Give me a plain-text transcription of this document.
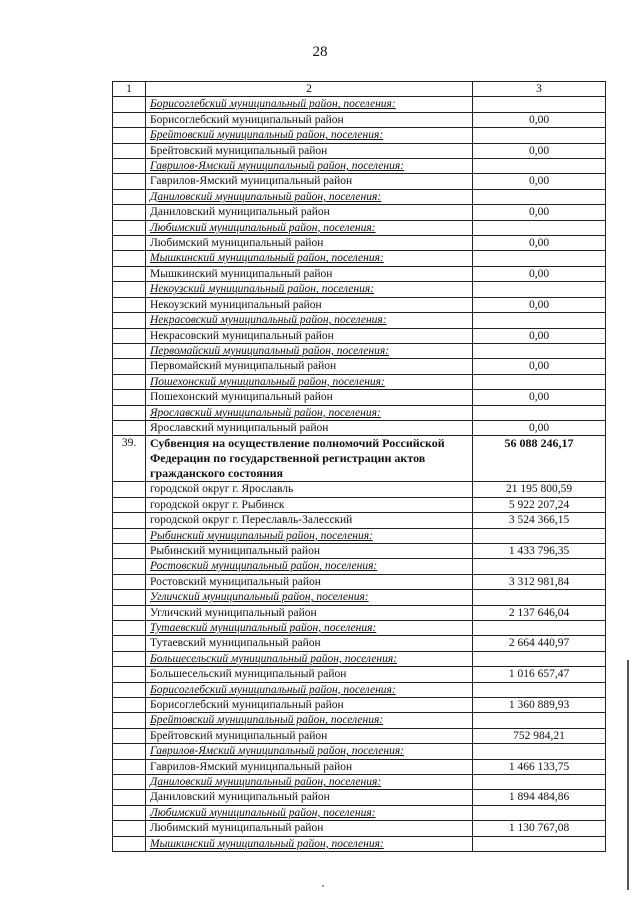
28
1	2	3
	Борисоглебский муниципальный район, поселения:	
	Борисоглебский муниципальный район	0,00
	Брейтовский муниципальный район, поселения:	
	Брейтовский муниципальный район	0,00
	Гаврилов-Ямский муниципальный район, поселения:	
	Гаврилов-Ямский муниципальный район	0,00
	Даниловский муниципальный район, поселения:	
	Даниловский муниципальный район	0,00
	Любимский муниципальный район, поселения:	
	Любимский муниципальный район	0,00
	Мышкинский муниципальный район, поселения:	
	Мышкинский муниципальный район	0,00
	Некоузский муниципальный район, поселения:	
	Некоузский муниципальный район	0,00
	Некрасовский муниципальный район, поселения:	
	Некрасовский муниципальный район	0,00
	Первомайский муниципальный район, поселения:	
	Первомайский муниципальный район	0,00
	Пошехонский муниципальный район, поселения:	
	Пошехонский муниципальный район	0,00
	Ярославский муниципальный район, поселения:	
	Ярославский муниципальный район	0,00
39.	Субвенция на осуществление полномочий Российской Федерации по государственной регистрации актов гражданского состояния	56 088 246,17
	городской округ г. Ярославль	21 195 800,59
	городской округ г. Рыбинск	5 922 207,24
	городской округ г. Переславль-Залесский	3 524 366,15
	Рыбинский муниципальный район, поселения:	
	Рыбинский муниципальный район	1 433 796,35
	Ростовский муниципальный район, поселения:	
	Ростовский муниципальный район	3 312 981,84
	Угличский муниципальный район, поселения:	
	Угличский муниципальный район	2 137 646,04
	Тутаевский муниципальный район, поселения:	
	Тутаевский муниципальный район	2 664 440,97
	Большесельский муниципальный район, поселения:	
	Большесельский муниципальный район	1 016 657,47
	Борисоглебский муниципальный район, поселения:	
	Борисоглебский муниципальный район	1 360 889,93
	Брейтовский муниципальный район, поселения:	
	Брейтовский муниципальный район	752 984,21
	Гаврилов-Ямский муниципальный район, поселения:	
	Гаврилов-Ямский муниципальный район	1 466 133,75
	Даниловский муниципальный район, поселения:	
	Даниловский муниципальный район	1 894 484,86
	Любимский муниципальный район, поселения:	
	Любимский муниципальный район	1 130 767,08
	Мышкинский муниципальный район, поселения:	
